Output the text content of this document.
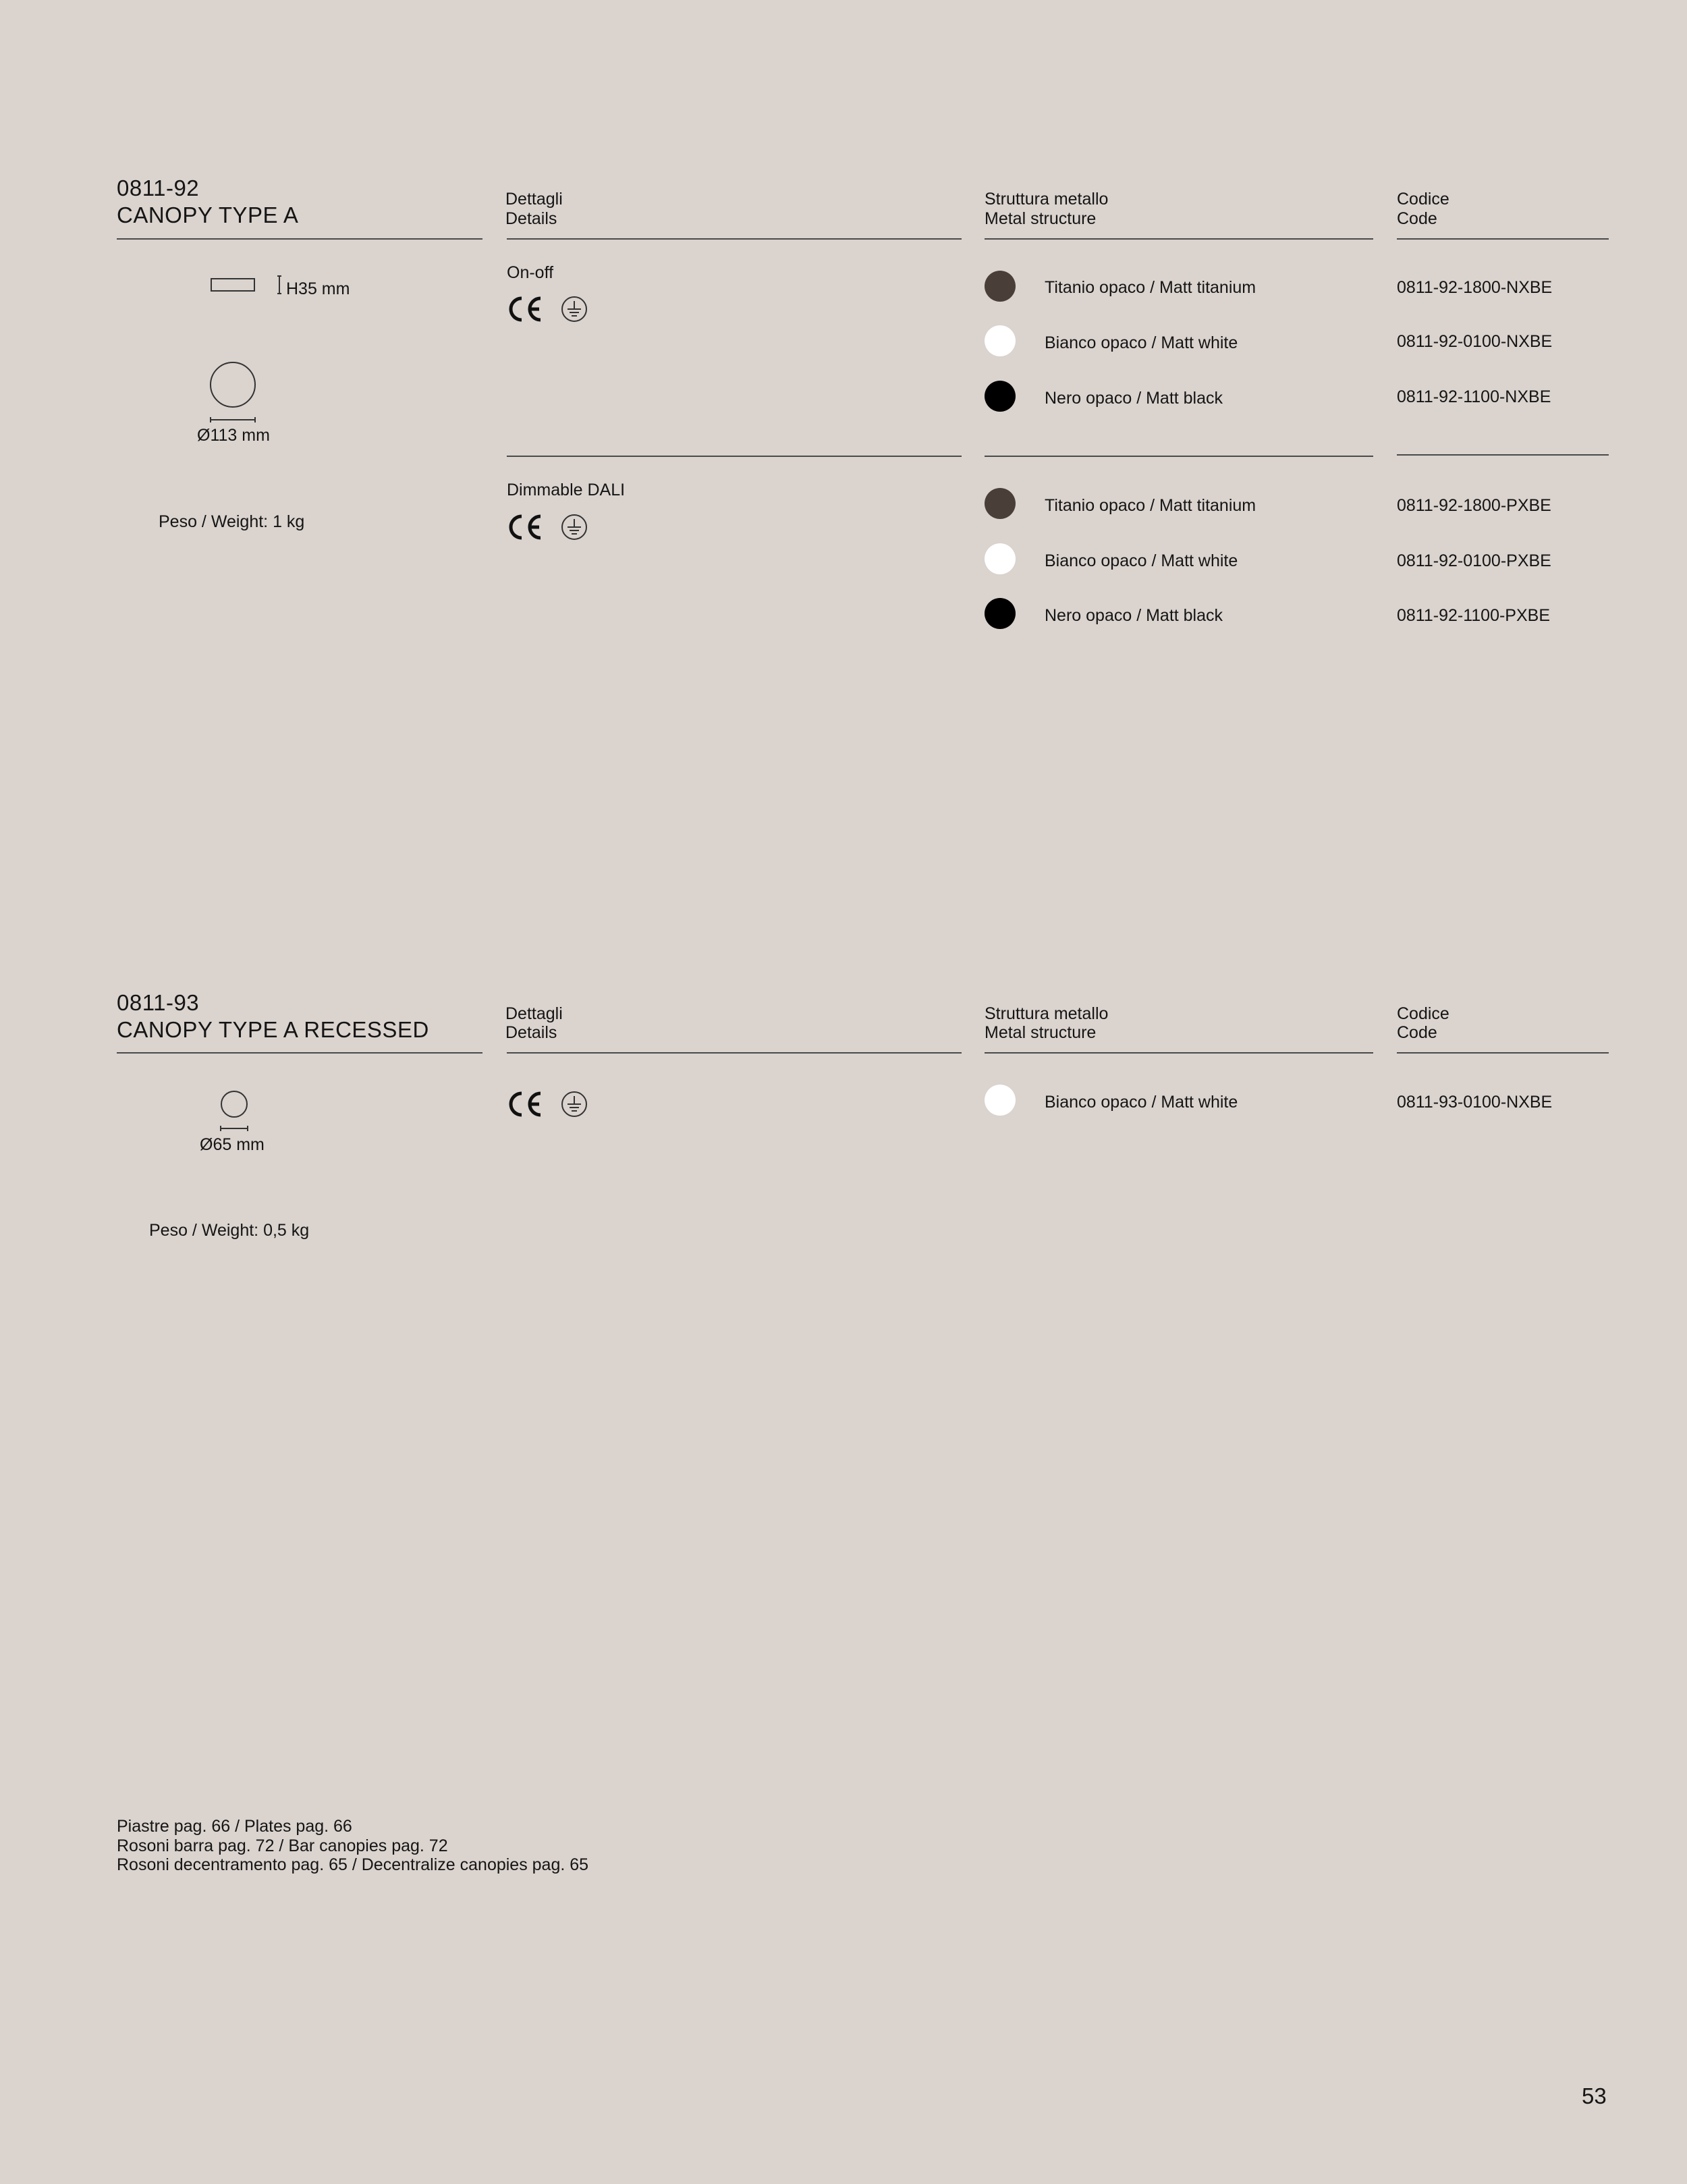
0811-92
CANOPY TYPE A
Dettagli
Details
Struttura metallo
Metal structure
Codice
Code
H35 mm
Ø113 mm
Peso / Weight: 1 kg
On-off
Titanio opaco / Matt titanium	0811-92-1800-NXBE
Bianco opaco / Matt white	0811-92-0100-NXBE
Nero opaco / Matt black	0811-92-1100-NXBE
Dimmable DALI
Titanio opaco / Matt titanium	0811-92-1800-PXBE
Bianco opaco / Matt white	0811-92-0100-PXBE
Nero opaco / Matt black	0811-92-1100-PXBE
0811-93
CANOPY TYPE A RECESSED
Dettagli
Details
Struttura metallo
Metal structure
Codice
Code
Ø65 mm
Peso / Weight: 0,5 kg
Bianco opaco / Matt white	0811-93-0100-NXBE
Piastre pag. 66 / Plates pag. 66
Rosoni barra pag. 72 / Bar canopies pag. 72
Rosoni decentramento pag. 65 / Decentralize canopies pag. 65
53
